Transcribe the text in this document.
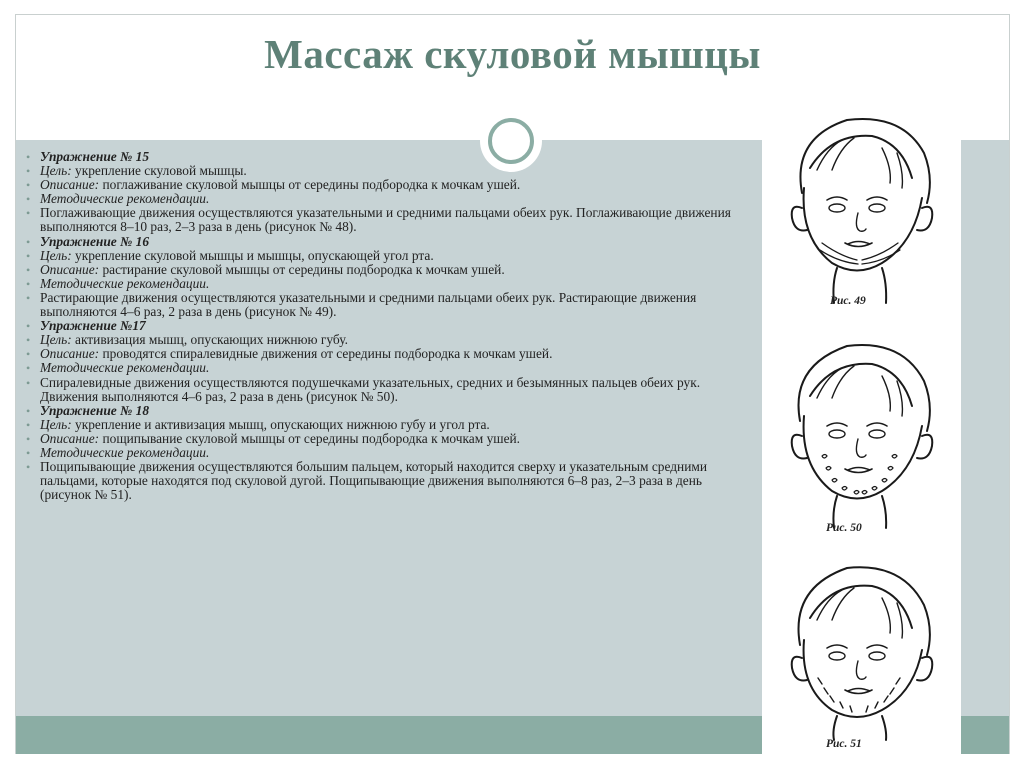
Массаж скуловой мышцы
• Упражнение № 15
• Цель: укрепление скуловой мышцы.
• Описание: поглаживание скуловой мышцы от середины подбородка к мочкам ушей.
• Методические рекомендации.
• Поглаживающие движения осуществляются указательными и средними пальцами обеих рук. Поглаживающие движения выполняются 8–10 раз, 2–3 раза в день (рисунок № 48).
• Упражнение № 16
• Цель: укрепление скуловой мышцы и мышцы, опускающей угол рта.
• Описание: растирание скуловой мышцы от середины подбородка к мочкам ушей.
• Методические рекомендации.
• Растирающие движения осуществляются указательными и средними пальцами обеих рук. Растирающие движения выполняются 4–6 раз, 2 раза в день (рисунок № 49).
• Упражнение №17
• Цель: активизация мышц, опускающих нижнюю губу.
• Описание: проводятся спиралевидные движения от середины подбородка к мочкам ушей.
• Методические рекомендации.
• Спиралевидные движения осуществляются подушечками указательных, средних и безымянных пальцев обеих рук. Движения выполняются 4–6 раз, 2 раза в день (рисунок № 50).
• Упражнение № 18
• Цель: укрепление и активизация мышц, опускающих нижнюю губу и угол рта.
• Описание: пощипывание скуловой мышцы от середины подбородка к мочкам ушей.
• Методические рекомендации.
• Пощипывающие движения осуществляются большим пальцем, который находится сверху и указательным средними пальцами, которые находятся под скуловой дугой. Пощипывающие движения выполняются 6–8 раз, 2–3 раза в день (рисунок № 51).
Рис. 49
Рис. 50
Рис. 51
